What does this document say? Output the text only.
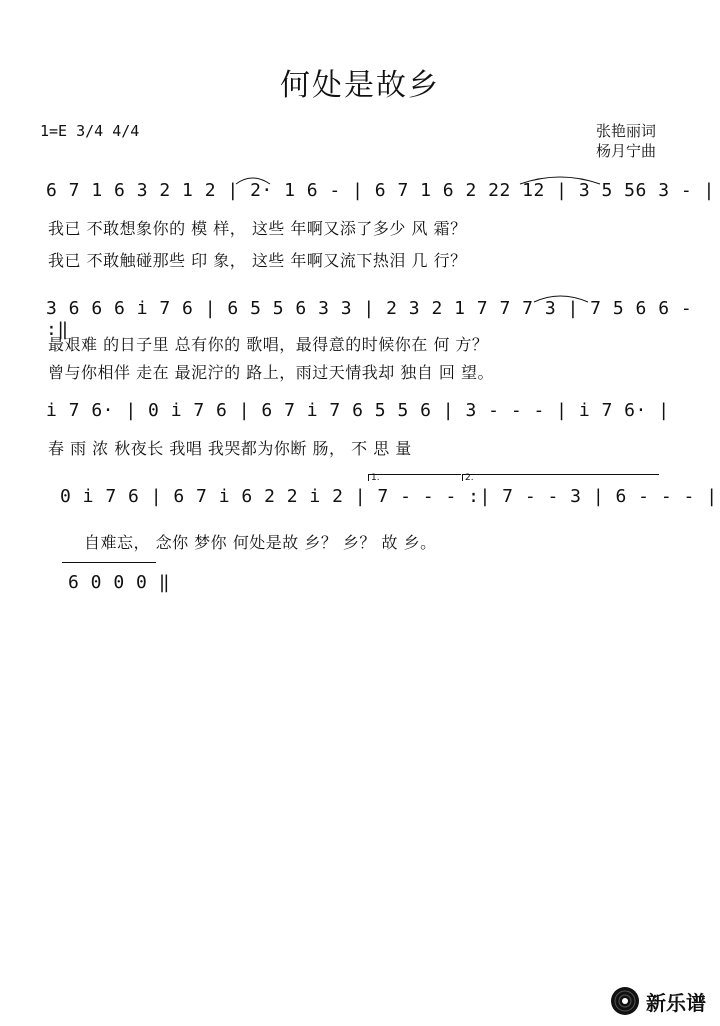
何处是故乡
1=E 3/4 4/4	张艳丽词
杨月宁曲
6 7 1 6 3 2 1 2 | 2· 1 6 - | 6 7 1 6 2 22 12 | 3 5 56 3 - |
我已 不敢想象你的 模 样， 这些 年啊又添了多少 风 霜？
我已 不敢触碰那些 印 象， 这些 年啊又流下热泪 几 行？
3 6 6 6 i 7 6 | 6 5 5 6 3 3 | 2 3 2 1 7 7 7 3 | 7 5 6 6 - :‖
最艰难 的日子里 总有你的 歌唱，最得意的时候你在 何 方？
曾与你相伴 走在 最泥泞的 路上，雨过天情我却 独自 回 望。
i 7 6· | 0 i 7 6 | 6 7 i 7 6 5 5 6 | 3 - - - | i 7 6· |
春 雨 浓 秋夜长 我唱 我哭都为你断 肠， 不 思 量
1.	2.
0 i 7 6 | 6 7 i 6 2 2 i 2 | 7 - - - :| 7 - - 3 | 6 - - - |
自难忘， 念你 梦你 何处是故 乡？ 乡？ 故 乡。
6 0 0 0 ‖
新乐谱
